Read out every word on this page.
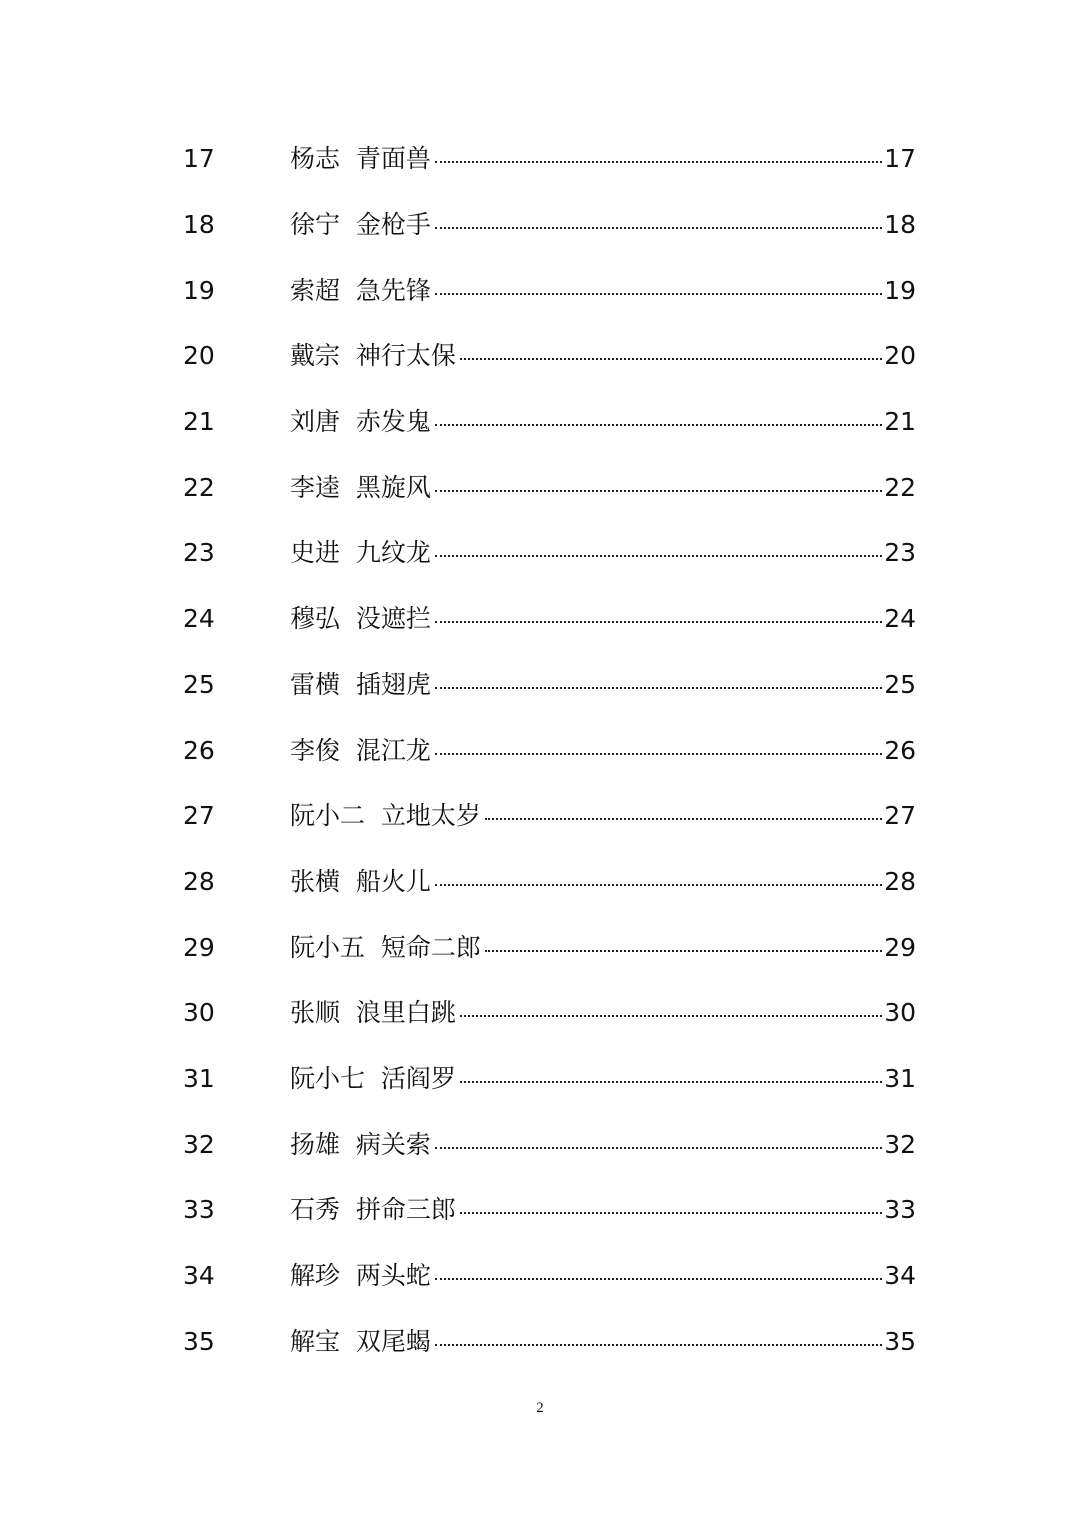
17	杨志  青面兽	17
18	徐宁  金枪手	18
19	索超  急先锋	19
20	戴宗  神行太保	20
21	刘唐  赤发鬼	21
22	李逵  黑旋风	22
23	史进  九纹龙	23
24	穆弘  没遮拦	24
25	雷横  插翅虎	25
26	李俊  混江龙	26
27	阮小二  立地太岁	27
28	张横  船火儿	28
29	阮小五  短命二郎	29
30	张顺  浪里白跳	30
31	阮小七  活阎罗	31
32	扬雄  病关索	32
33	石秀  拼命三郎	33
34	解珍  两头蛇	34
35	解宝  双尾蝎	35
2
